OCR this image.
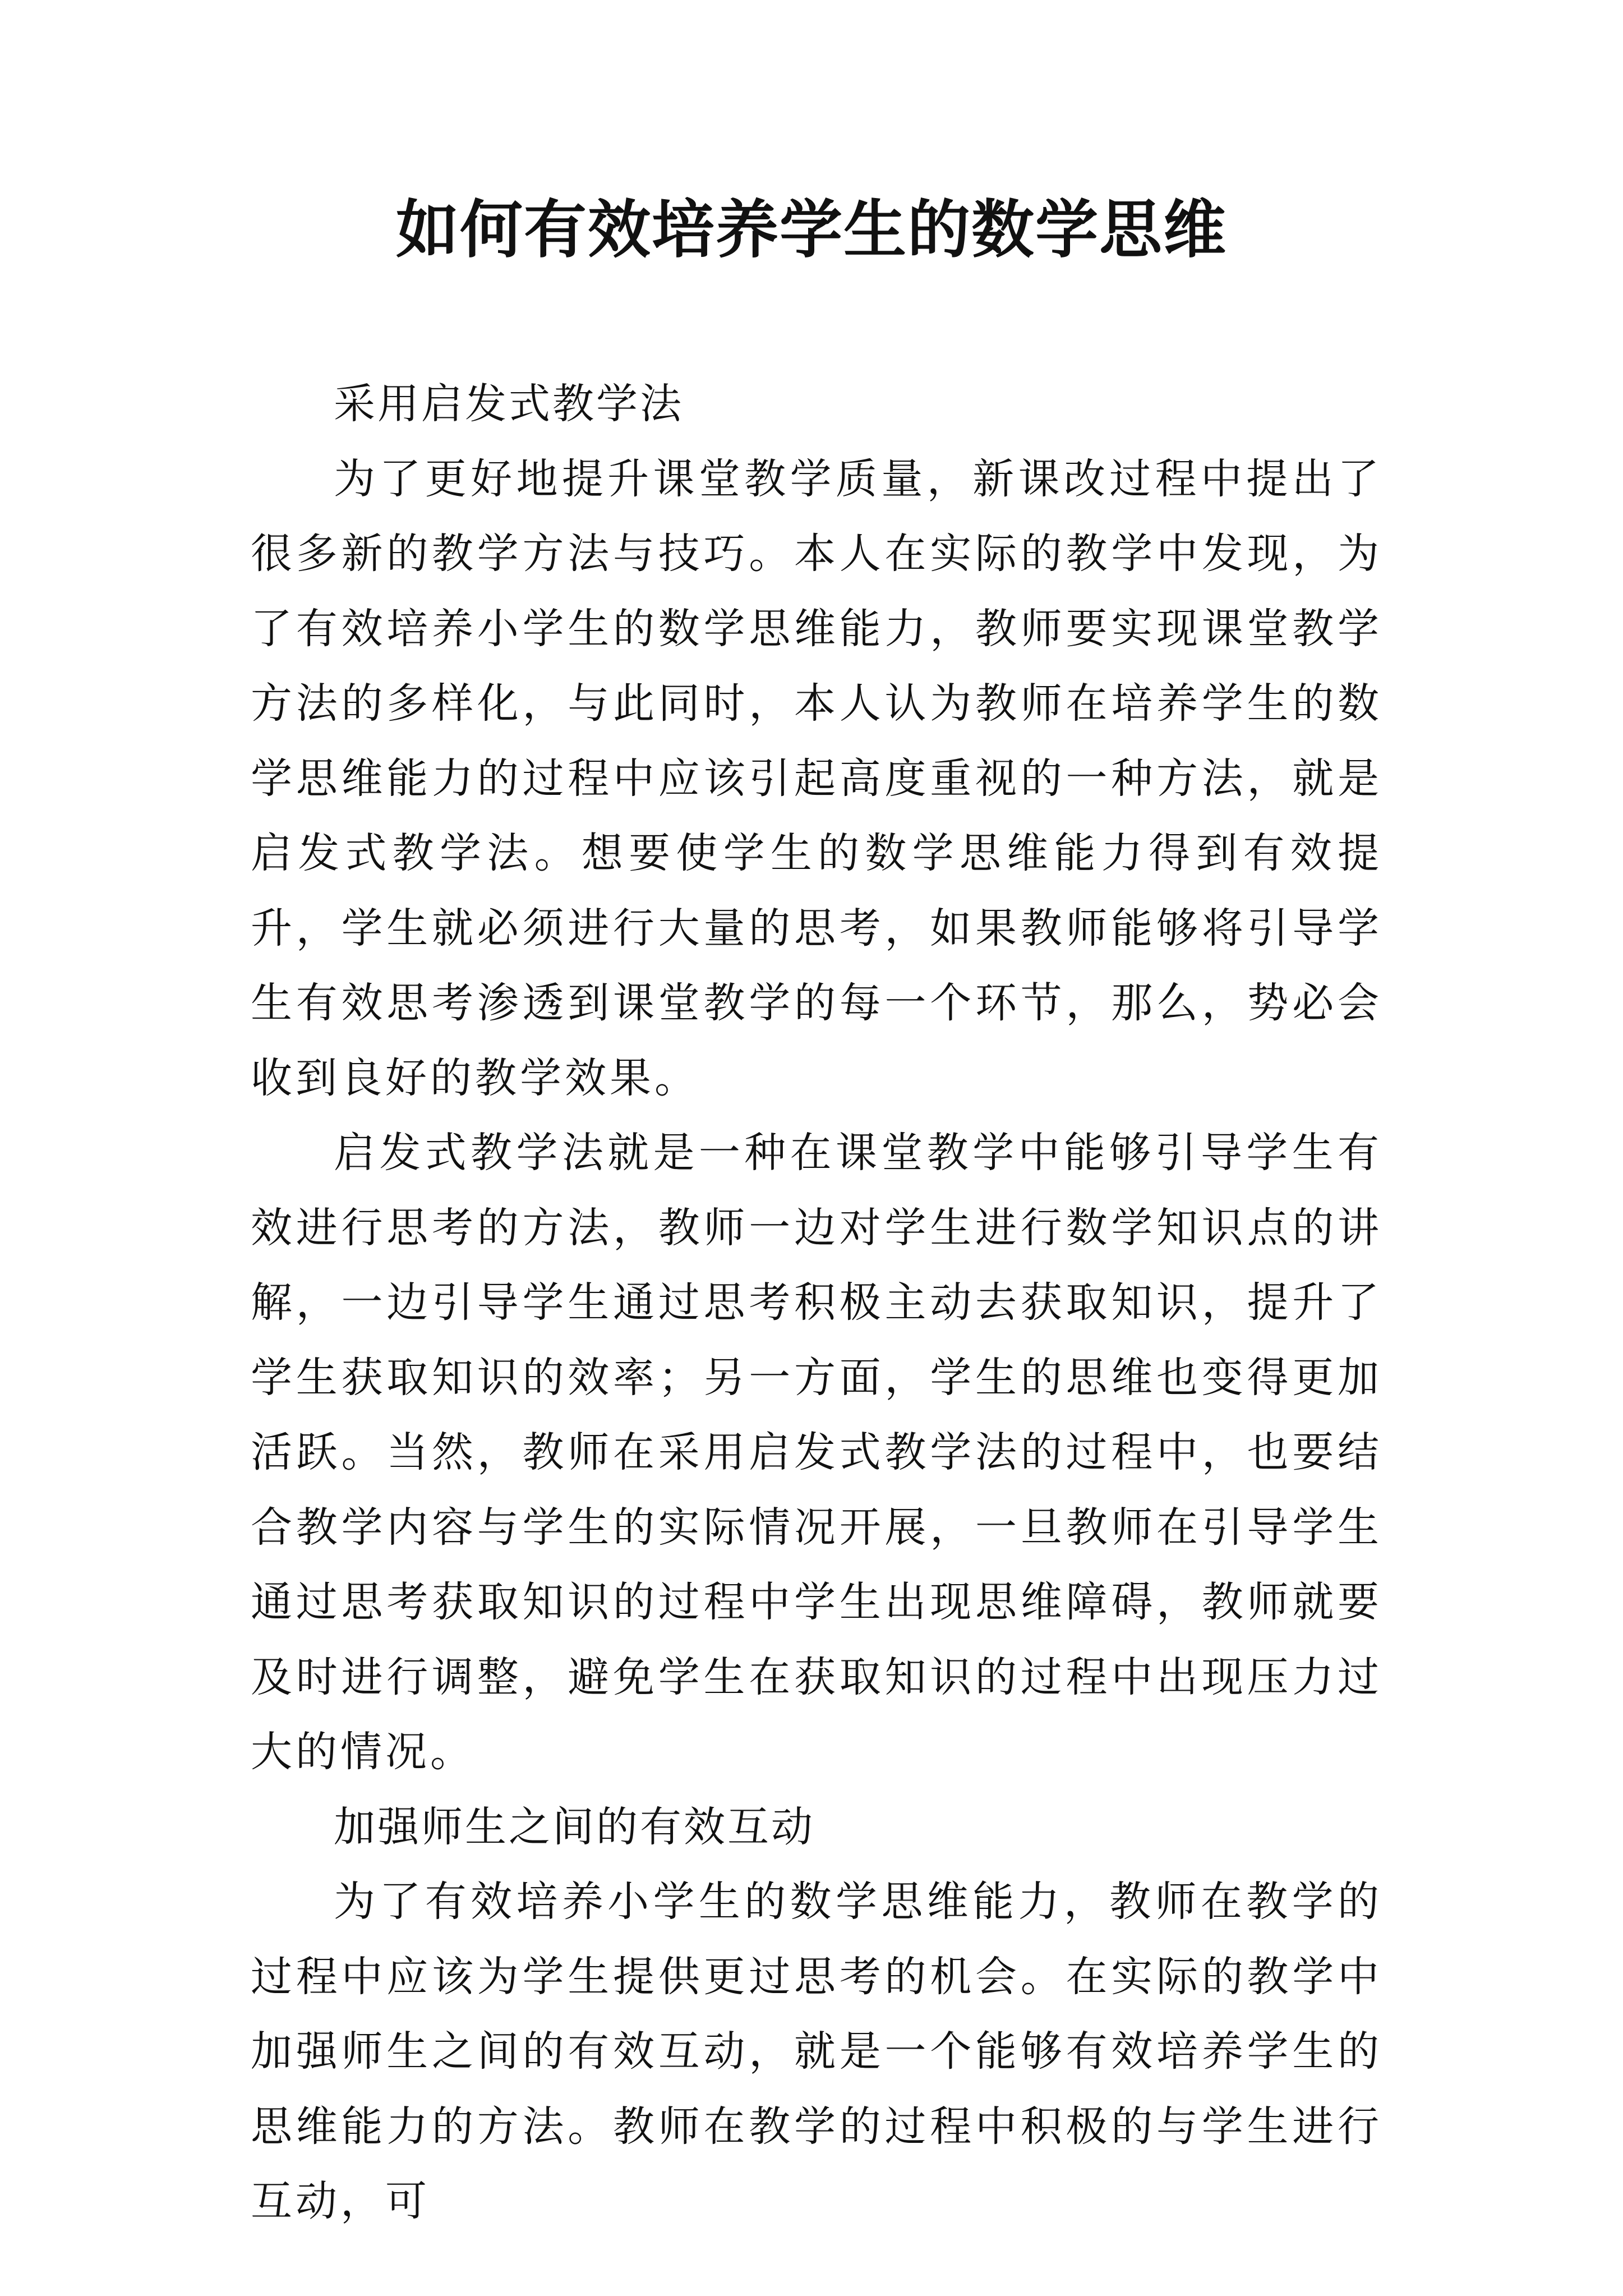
如何有效培养学生的数学思维

采用启发式教学法

为了更好地提升课堂教学质量，新课改过程中提出了很多新的教学方法与技巧。本人在实际的教学中发现，为了有效培养小学生的数学思维能力，教师要实现课堂教学方法的多样化，与此同时，本人认为教师在培养学生的数学思维能力的过程中应该引起高度重视的一种方法，就是启发式教学法。想要使学生的数学思维能力得到有效提升，学生就必须进行大量的思考，如果教师能够将引导学生有效思考渗透到课堂教学的每一个环节，那么，势必会收到良好的教学效果。

启发式教学法就是一种在课堂教学中能够引导学生有效进行思考的方法，教师一边对学生进行数学知识点的讲解，一边引导学生通过思考积极主动去获取知识，提升了学生获取知识的效率；另一方面，学生的思维也变得更加活跃。当然，教师在采用启发式教学法的过程中，也要结合教学内容与学生的实际情况开展，一旦教师在引导学生通过思考获取知识的过程中学生出现思维障碍，教师就要及时进行调整，避免学生在获取知识的过程中出现压力过大的情况。

加强师生之间的有效互动

为了有效培养小学生的数学思维能力，教师在教学的过程中应该为学生提供更过思考的机会。在实际的教学中加强师生之间的有效互动，就是一个能够有效培养学生的思维能力的方法。教师在教学的过程中积极的与学生进行互动，可
